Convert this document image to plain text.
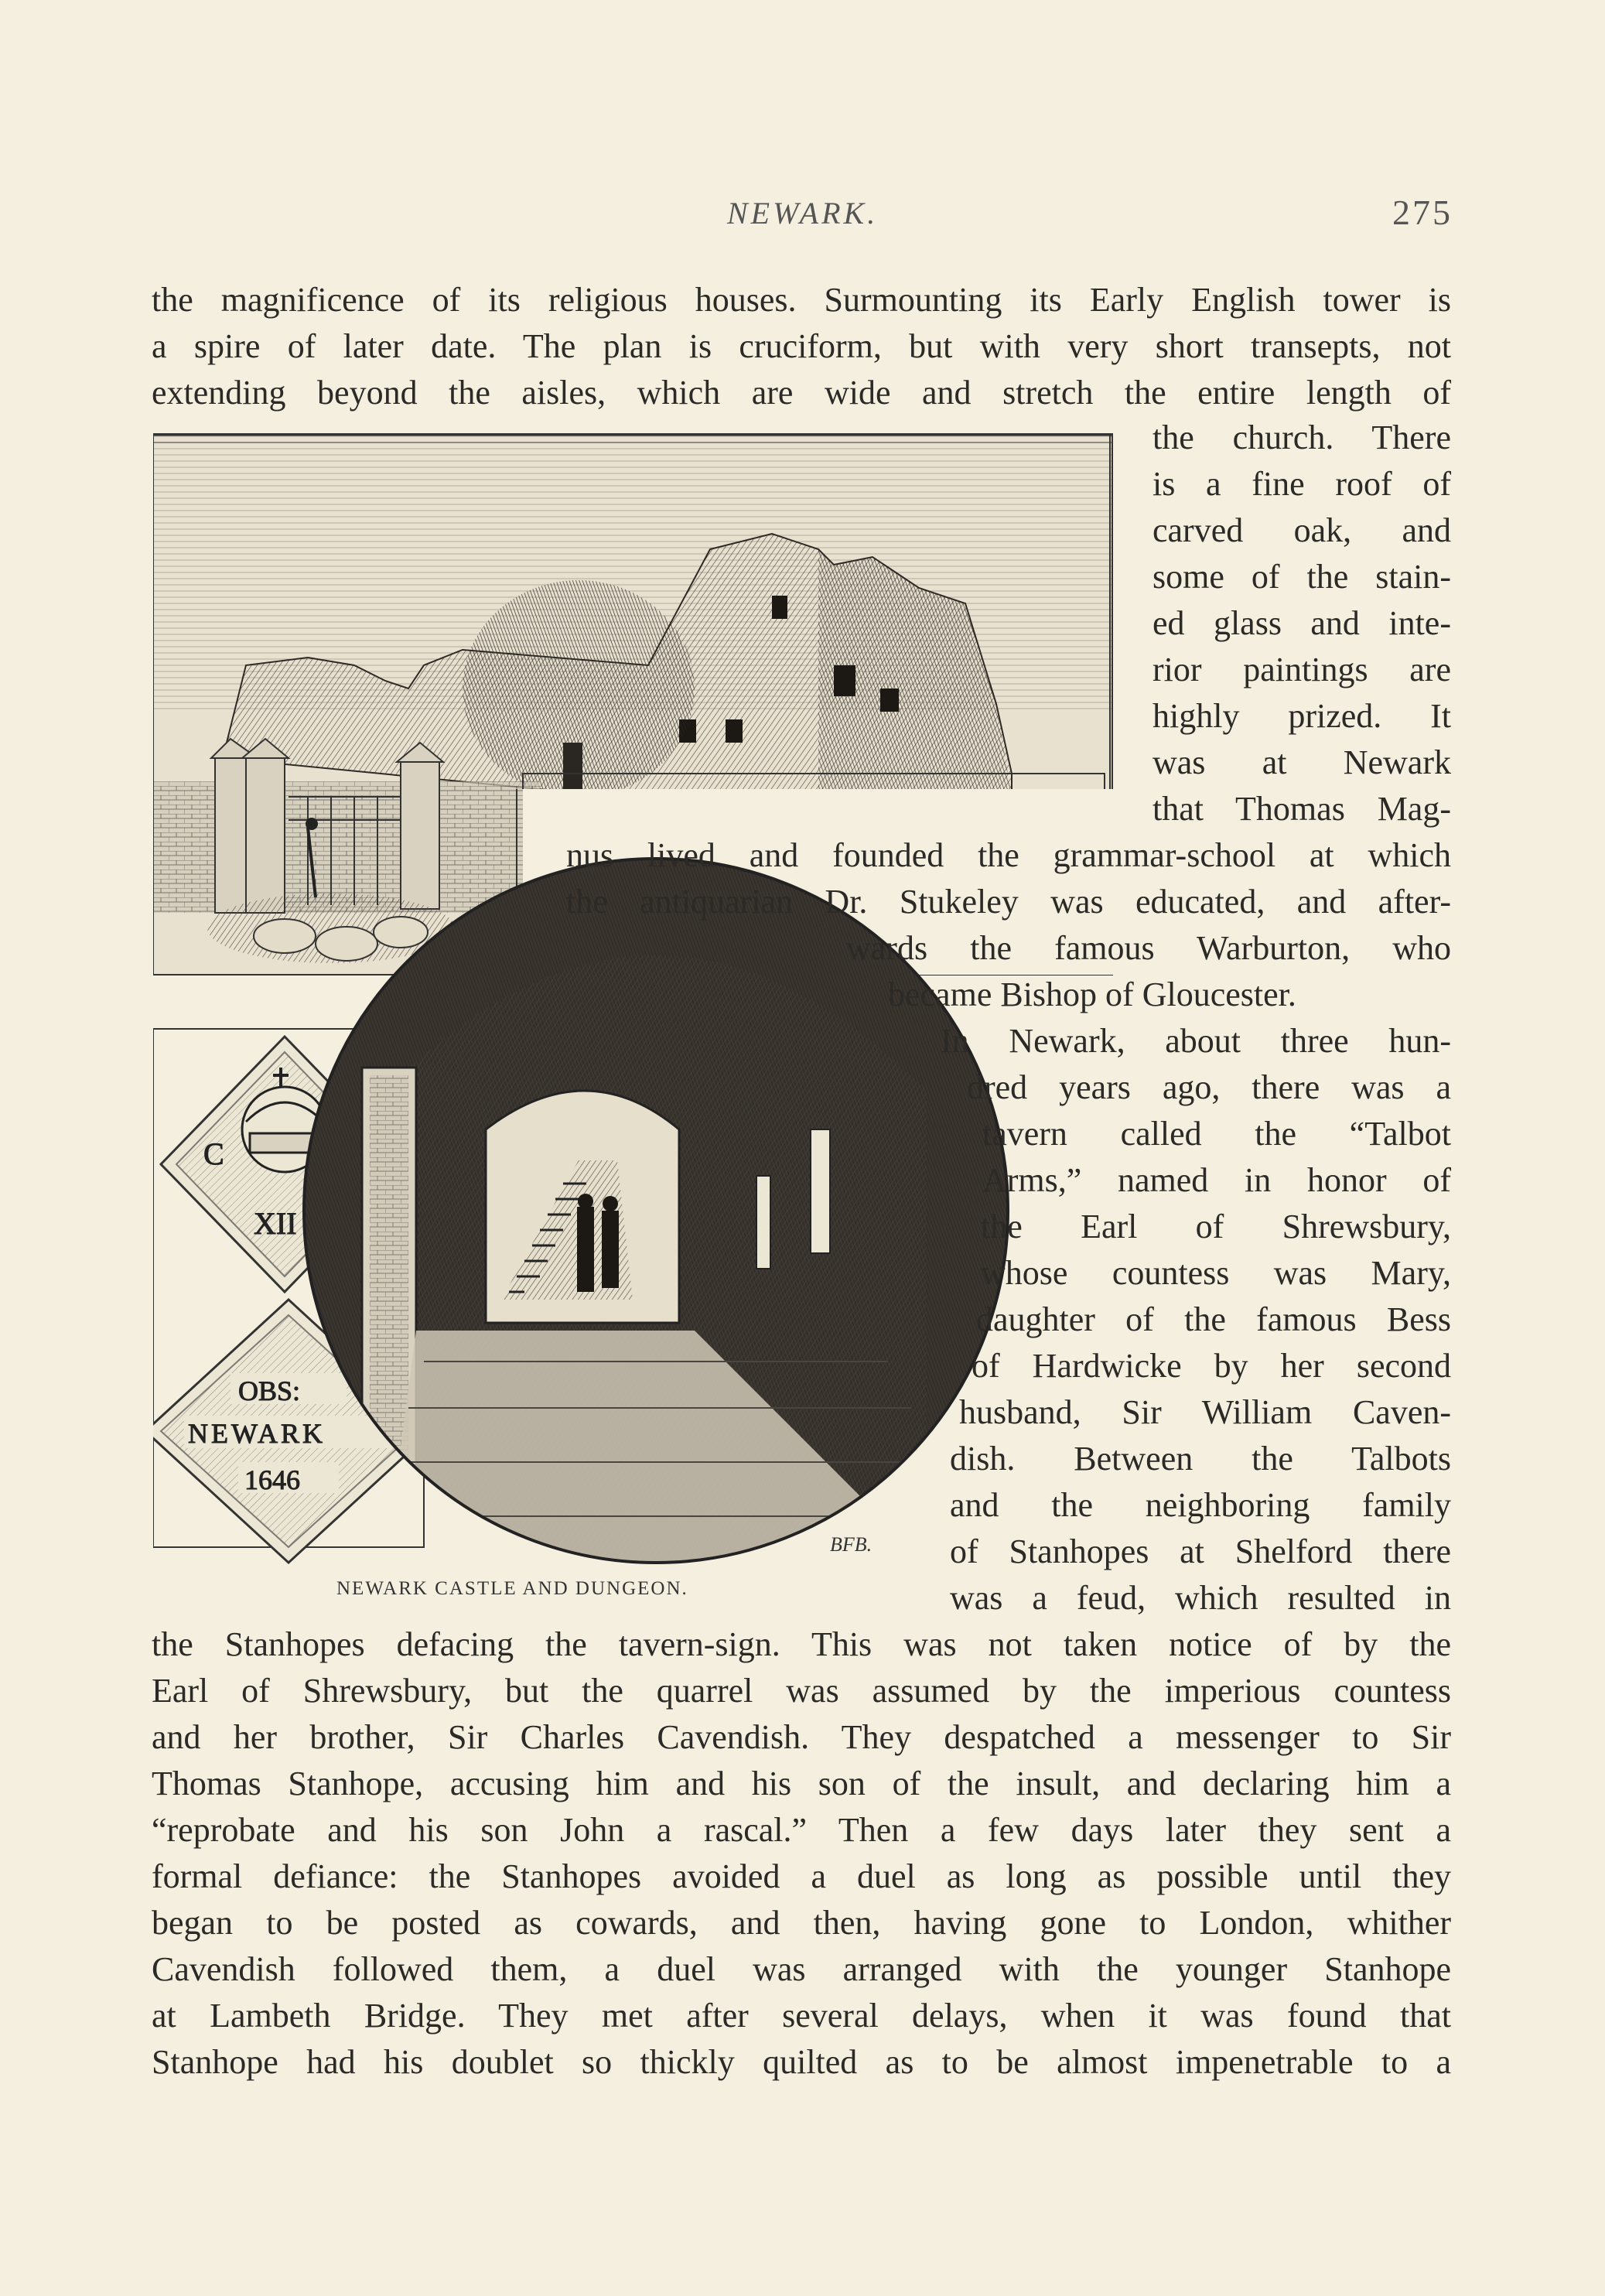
NEWARK.	275
C
XII
OBS:
NEWARK
1646
BFB.
NEWARK CASTLE AND DUNGEON.
the magnificence of its religious houses. Surmounting its Early English tower is
a spire of later date. The plan is cruciform, but with very short transepts, not
extending beyond the aisles, which are wide and stretch the entire length of
the church. There
is a fine roof of
carved oak, and
some of the stain-
ed glass and inte-
rior paintings are
highly prized. It
was at Newark
that Thomas Mag-
nus lived and founded the grammar-school at which
the antiquarian Dr. Stukeley was educated, and after-
wards the famous Warburton, who
became Bishop of Gloucester.
In Newark, about three hun-
dred years ago, there was a
tavern called the “Talbot
Arms,” named in honor of
the Earl of Shrewsbury,
whose countess was Mary,
daughter of the famous Bess
of Hardwicke by her second
husband, Sir William Caven-
dish. Between the Talbots
and the neighboring family
of Stanhopes at Shelford there
was a feud, which resulted in
the Stanhopes defacing the tavern-sign. This was not taken notice of by the
Earl of Shrewsbury, but the quarrel was assumed by the imperious countess
and her brother, Sir Charles Cavendish. They despatched a messenger to Sir
Thomas Stanhope, accusing him and his son of the insult, and declaring him a
“reprobate and his son John a rascal.” Then a few days later they sent a
formal defiance: the Stanhopes avoided a duel as long as possible until they
began to be posted as cowards, and then, having gone to London, whither
Cavendish followed them, a duel was arranged with the younger Stanhope
at Lambeth Bridge. They met after several delays, when it was found that
Stanhope had his doublet so thickly quilted as to be almost impenetrable to a
